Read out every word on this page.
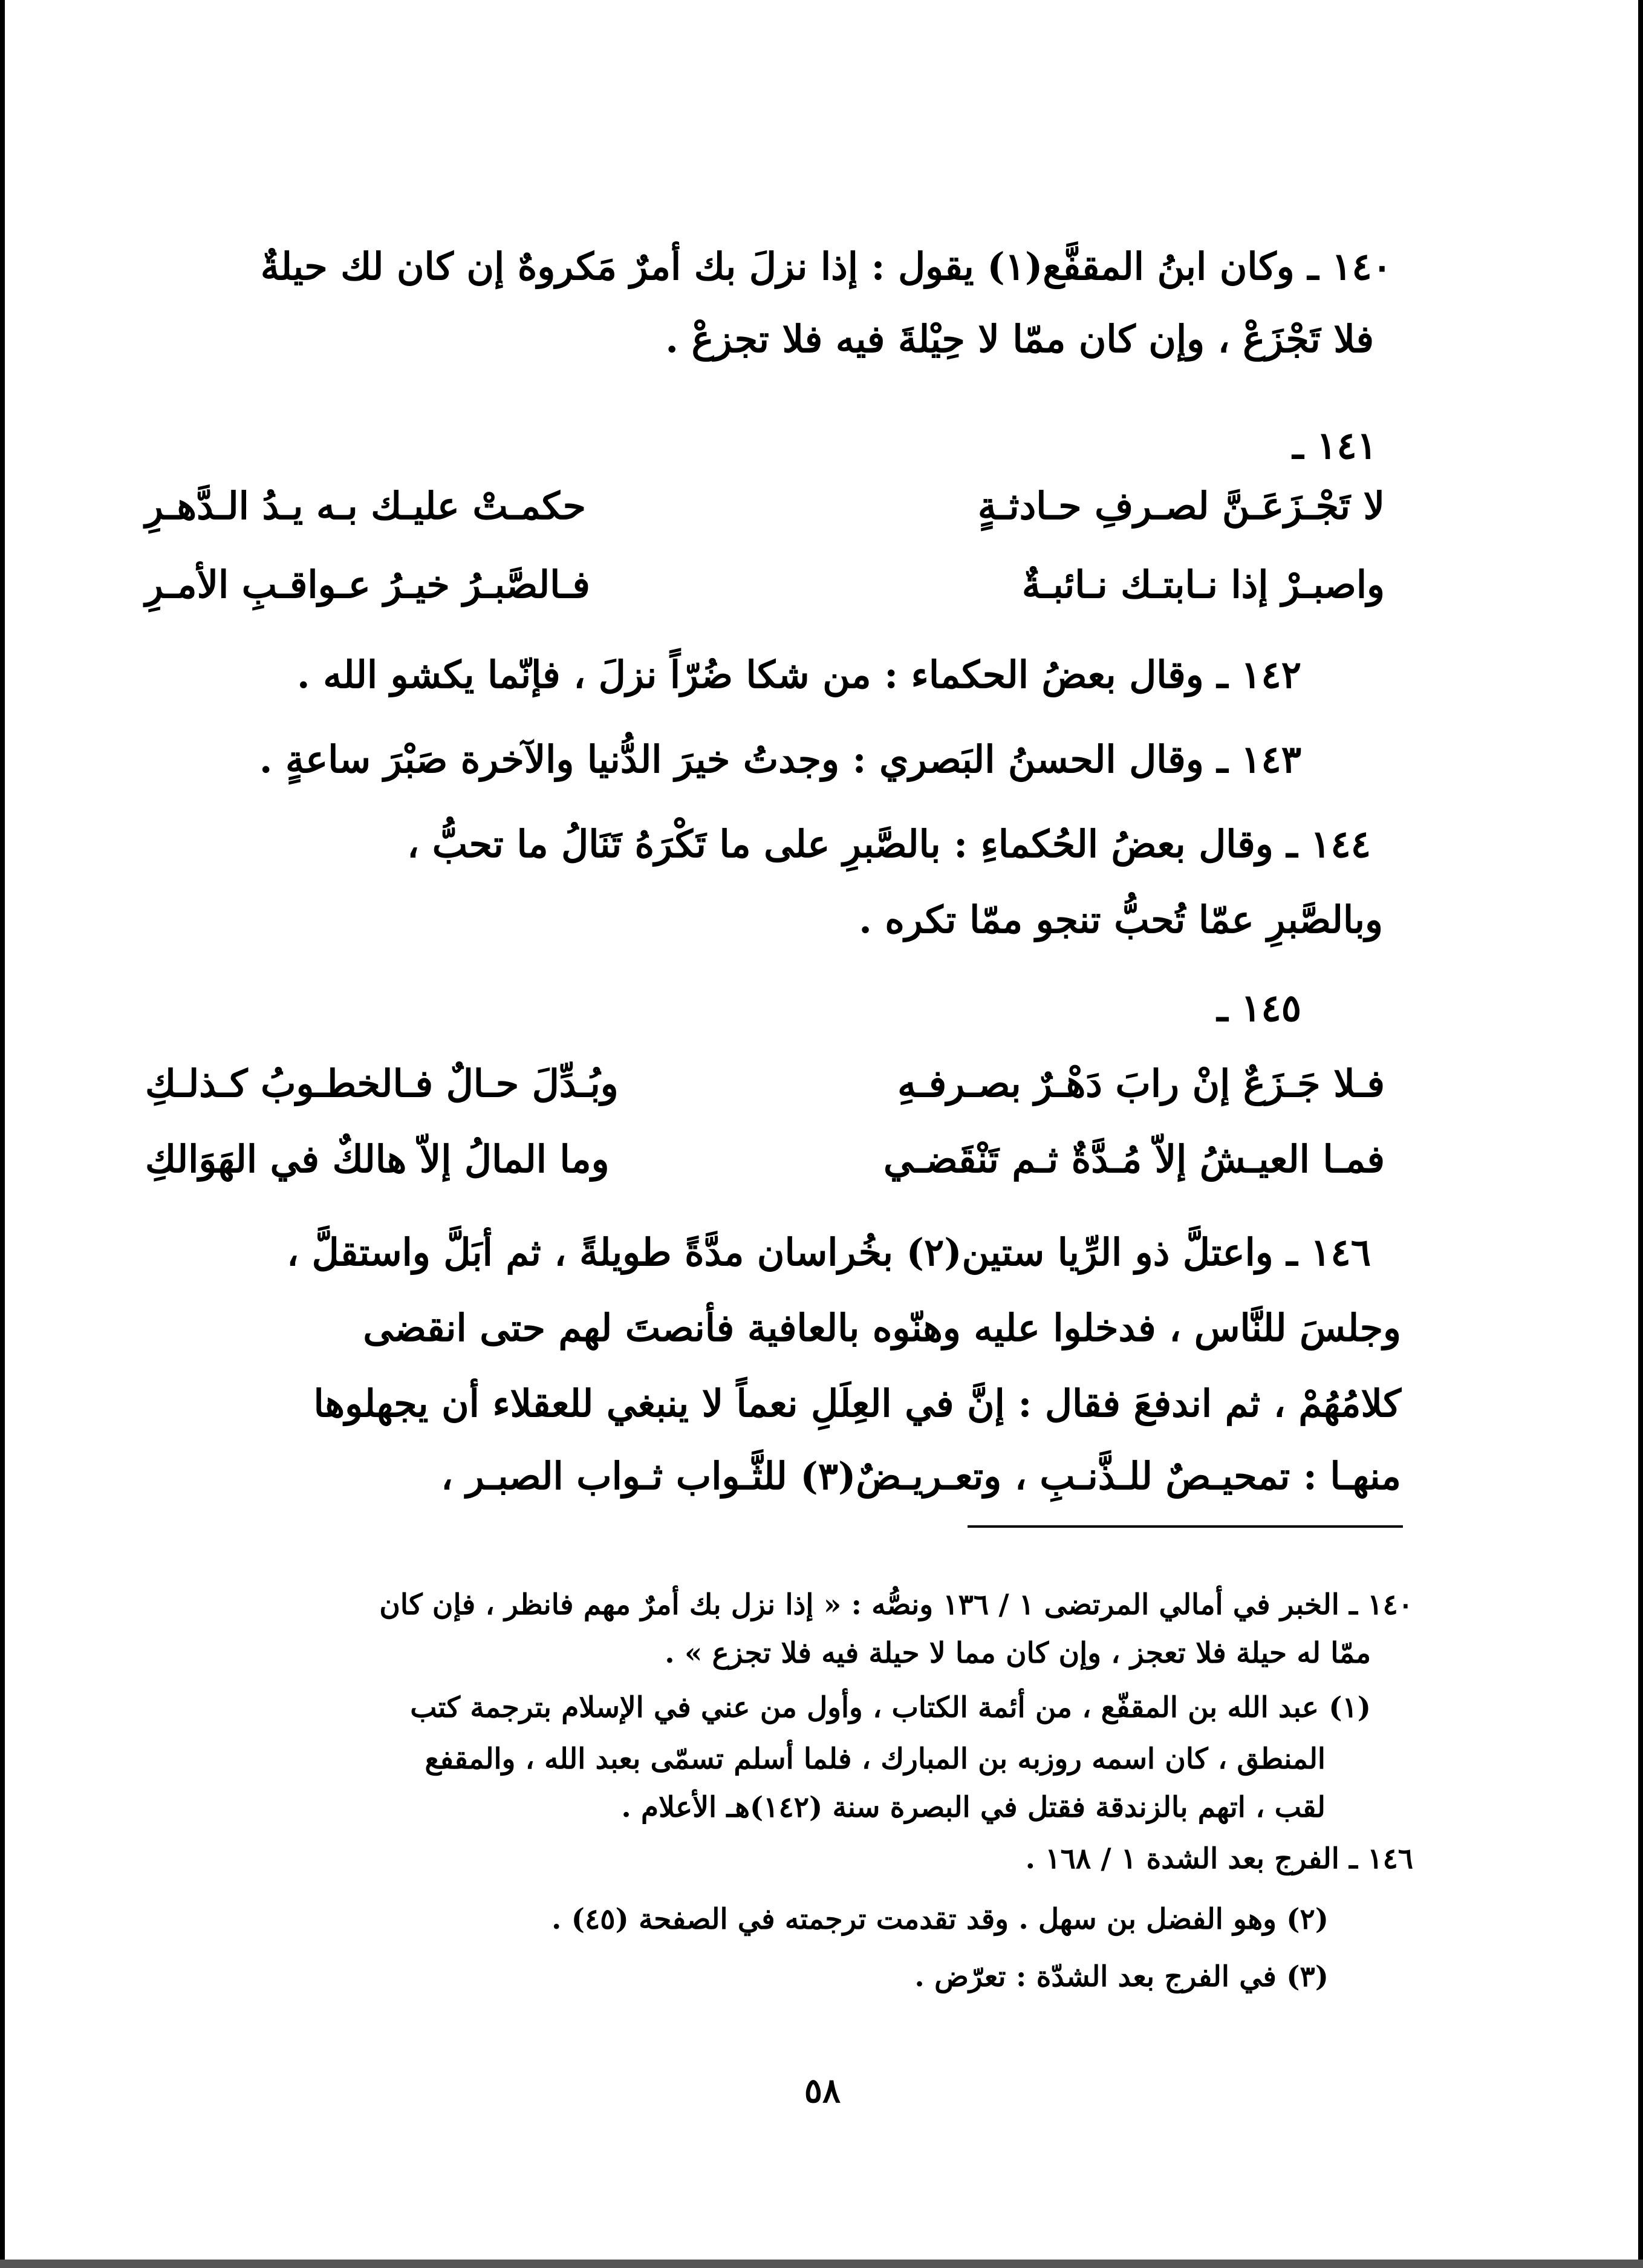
١٤٠ ـ وكان ابنُ المقفَّع(١) يقول : إذا نزلَ بك أمرٌ مَكروهٌ إن كان لك حيلةٌ
فلا تَجْزَعْ ، وإن كان ممّا لا حِيْلةَ فيه فلا تجزعْ .
١٤١ ـ
لا تَجْـزَعَـنَّ لصـرفِ حـادثـةٍ
حكمـتْ عليـك بـه يـدُ الـدَّهـرِ
واصبـرْ إذا نـابتـك نـائبـةٌ
فـالصَّبـرُ خيـرُ عـواقـبِ الأمـرِ
١٤٢ ـ وقال بعضُ الحكماء : من شكا ضُرّاً نزلَ ، فإنّما يكشو الله .
١٤٣ ـ وقال الحسنُ البَصري : وجدتُ خيرَ الدُّنيا والآخرة صَبْرَ ساعةٍ .
١٤٤ ـ وقال بعضُ الحُكماءِ : بالصَّبرِ على ما تَكْرَهُ تَنَالُ ما تحبُّ ،
وبالصَّبرِ عمّا تُحبُّ تنجو ممّا تكره .
١٤٥ ـ
فـلا جَـزَعٌ إنْ رابَ دَهْـرٌ بصـرفـهِ
وبُـدِّلَ حـالٌ فـالخطـوبُ كـذلـكِ
فمـا العيـشُ إلاّ مُـدَّةٌ ثـم تَنْقَضـي
وما المالُ إلاّ هالكٌ في الهَوَالكِ
١٤٦ ـ واعتلَّ ذو الرِّيا ستين(٢) بخُراسان مدَّةً طويلةً ، ثم أبَلَّ واستقلَّ ،
وجلسَ للنَّاس ، فدخلوا عليه وهنّوه بالعافية فأنصتَ لهم حتى انقضى
كلامُهُمْ ، ثم اندفعَ فقال : إنَّ في العِلَلِ نعماً لا ينبغي للعقلاء أن يجهلوها
منهـا : تمحيـصٌ للـذَّنـبِ ، وتعـريـضٌ(٣) للثَّـواب ثـواب الصبـر ،
١٤٠ ـ الخبر في أمالي المرتضى ١ / ١٣٦ ونصُّه : « إذا نزل بك أمرٌ مهم فانظر ، فإن كان
ممّا له حيلة فلا تعجز ، وإن كان مما لا حيلة فيه فلا تجزع » .
(١) عبد الله بن المقفّع ، من أئمة الكتاب ، وأول من عني في الإسلام بترجمة كتب
المنطق ، كان اسمه روزبه بن المبارك ، فلما أسلم تسمّى بعبد الله ، والمقفع
لقب ، اتهم بالزندقة فقتل في البصرة سنة (١٤٢)هـ الأعلام .
١٤٦ ـ الفرج بعد الشدة ١ / ١٦٨ .
(٢) وهو الفضل بن سهل . وقد تقدمت ترجمته في الصفحة (٤٥) .
(٣) في الفرج بعد الشدّة : تعرّض .
٥٨
